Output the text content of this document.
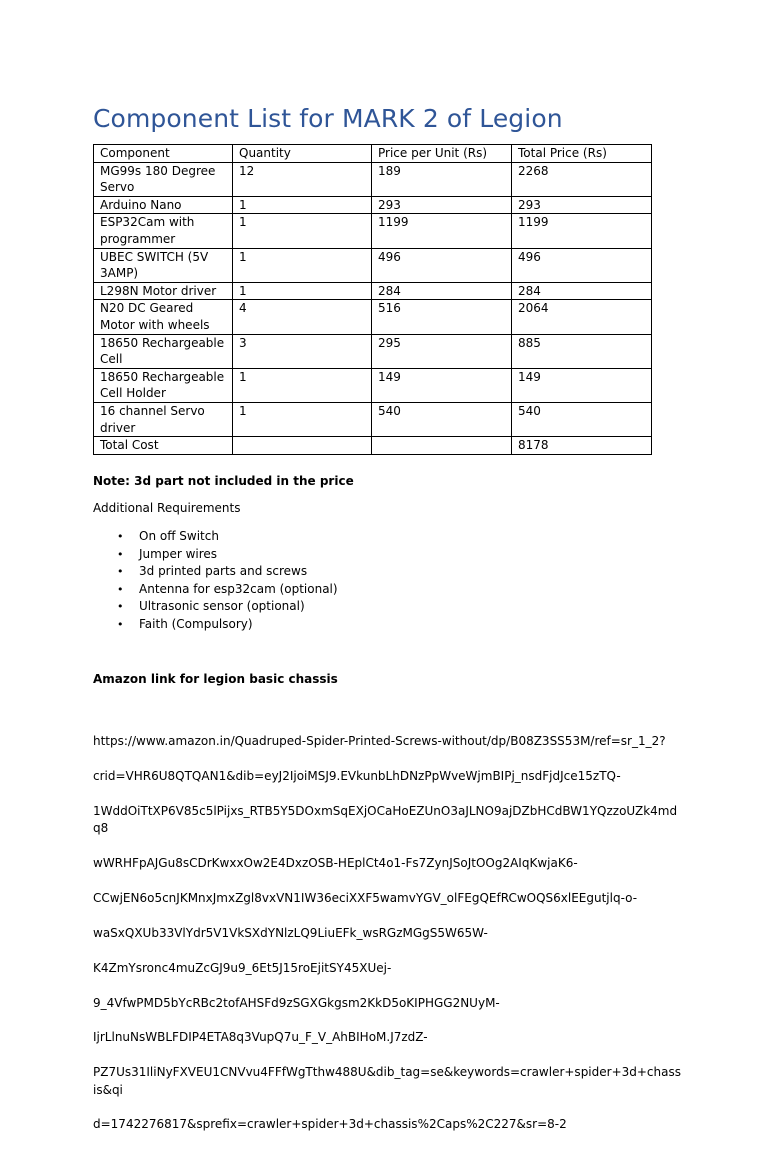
Component List for MARK 2 of Legion
Component	Quantity	Price per Unit (Rs)	Total Price (Rs)
MG99s 180 Degree Servo	12	189	2268
Arduino Nano	1	293	293
ESP32Cam with programmer	1	1199	1199
UBEC SWITCH (5V 3AMP)	1	496	496
L298N Motor driver	1	284	284
N20 DC Geared Motor with wheels	4	516	2064
18650 Rechargeable Cell	3	295	885
18650 Rechargeable Cell Holder	1	149	149
16 channel Servo driver	1	540	540
Total Cost			8178
Note: 3d part not included in the price
Additional Requirements
• On off Switch
• Jumper wires
• 3d printed parts and screws
• Antenna for esp32cam (optional)
• Ultrasonic sensor (optional)
• Faith (Compulsory)
Amazon link for legion basic chassis

https://www.amazon.in/Quadruped-Spider-Printed-Screws-without/dp/B08Z3SS53M/ref=sr_1_2?

crid=VHR6U8QTQAN1&dib=eyJ2IjoiMSJ9.EVkunbLhDNzPpWveWjmBIPj_nsdFjdJce15zTQ-

1WddOiTtXP6V85c5lPijxs_RTB5Y5DOxmSqEXjOCaHoEZUnO3aJLNO9ajDZbHCdBW1YQzzoUZk4mdq8

wWRHFpAJGu8sCDrKwxxOw2E4DxzOSB-HEplCt4o1-Fs7ZynJSoJtOOg2AIqKwjaK6-

CCwjEN6o5cnJKMnxJmxZgl8vxVN1IW36eciXXF5wamvYGV_olFEgQEfRCwOQS6xlEEgutjlq-o-

waSxQXUb33VlYdr5V1VkSXdYNlzLQ9LiuEFk_wsRGzMGgS5W65W-

K4ZmYsronc4muZcGJ9u9_6Et5J15roEjitSY45XUej-

9_4VfwPMD5bYcRBc2tofAHSFd9zSGXGkgsm2KkD5oKIPHGG2NUyM-

IjrLlnuNsWBLFDIP4ETA8q3VupQ7u_F_V_AhBIHoM.J7zdZ-

PZ7Us31IliNyFXVEU1CNVvu4FFfWgTthw488U&dib_tag=se&keywords=crawler+spider+3d+chassis&qi

d=1742276817&sprefix=crawler+spider+3d+chassis%2Caps%2C227&sr=8-2
